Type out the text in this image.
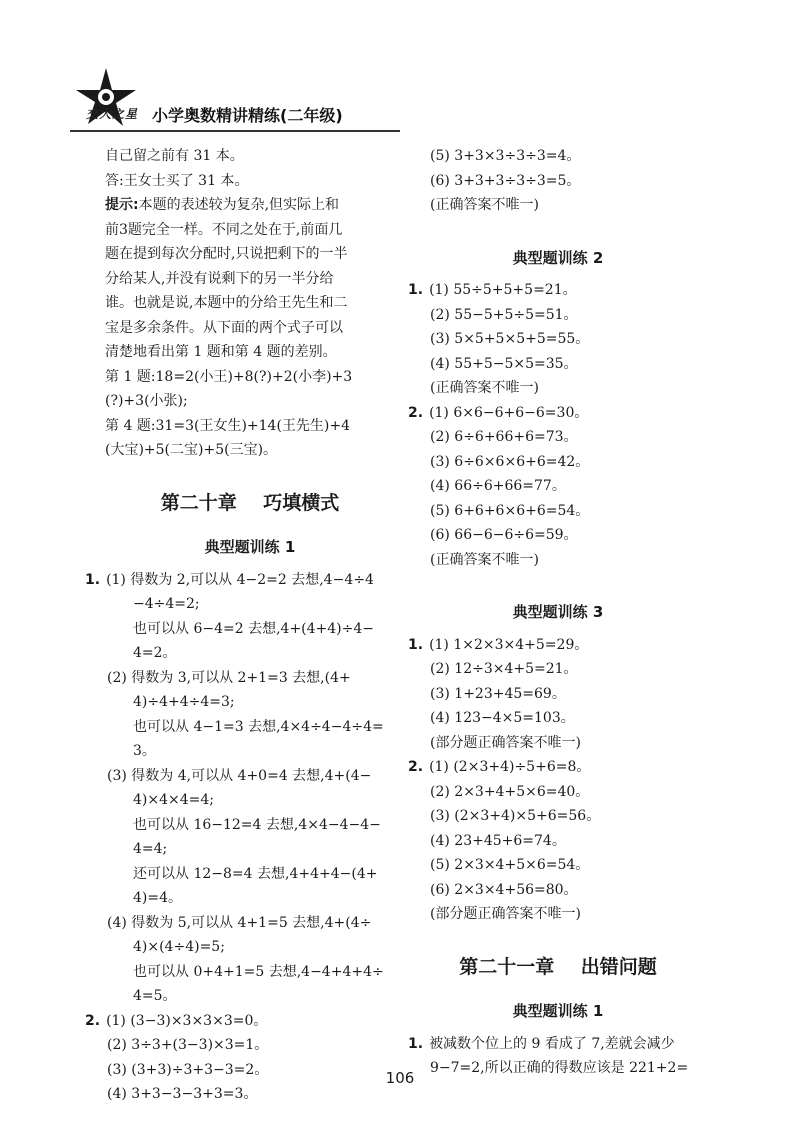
交大之星 小学奥数精讲精练(二年级)
自己留之前有 31 本。
答:王女士买了 31 本。
提示:本题的表述较为复杂,但实际上和
前3题完全一样。不同之处在于,前面几
题在提到每次分配时,只说把剩下的一半
分给某人,并没有说剩下的另一半分给
谁。也就是说,本题中的分给王先生和二
宝是多余条件。从下面的两个式子可以
清楚地看出第 1 题和第 4 题的差别。
第 1 题:18=2(小王)+8(?)+2(小李)+3
(?)+3(小张);
第 4 题:31=3(王女生)+14(王先生)+4
(大宝)+5(二宝)+5(三宝)。
第二十章    巧填横式
典型题训练 1
1. (1) 得数为 2,可以从 4−2=2 去想,4−4÷4
−4÷4=2;
也可以从 6−4=2 去想,4+(4+4)÷4−
4=2。
(2) 得数为 3,可以从 2+1=3 去想,(4+
4)÷4+4÷4=3;
也可以从 4−1=3 去想,4×4÷4−4÷4=
3。
(3) 得数为 4,可以从 4+0=4 去想,4+(4−
4)×4×4=4;
也可以从 16−12=4 去想,4×4−4−4−
4=4;
还可以从 12−8=4 去想,4+4+4−(4+
4)=4。
(4) 得数为 5,可以从 4+1=5 去想,4+(4÷
4)×(4÷4)=5;
也可以从 0+4+1=5 去想,4−4+4+4÷
4=5。
2. (1) (3−3)×3×3×3=0。
(2) 3÷3+(3−3)×3=1。
(3) (3+3)÷3+3−3=2。
(4) 3+3−3−3+3=3。
(5) 3+3×3÷3÷3=4。
(6) 3+3+3÷3÷3=5。
(正确答案不唯一)
典型题训练 2
1. (1) 55÷5+5+5=21。
(2) 55−5+5÷5=51。
(3) 5×5+5×5+5=55。
(4) 55+5−5×5=35。
(正确答案不唯一)
2. (1) 6×6−6+6−6=30。
(2) 6÷6+66+6=73。
(3) 6÷6×6×6+6=42。
(4) 66÷6+66=77。
(5) 6+6+6×6+6=54。
(6) 66−6−6÷6=59。
(正确答案不唯一)
典型题训练 3
1. (1) 1×2×3×4+5=29。
(2) 12÷3×4+5=21。
(3) 1+23+45=69。
(4) 123−4×5=103。
(部分题正确答案不唯一)
2. (1) (2×3+4)÷5+6=8。
(2) 2×3+4+5×6=40。
(3) (2×3+4)×5+6=56。
(4) 23+45+6=74。
(5) 2×3×4+5×6=54。
(6) 2×3×4+56=80。
(部分题正确答案不唯一)
第二十一章    出错问题
典型题训练 1
1. 被减数个位上的 9 看成了 7,差就会减少
9−7=2,所以正确的得数应该是 221+2=
106
